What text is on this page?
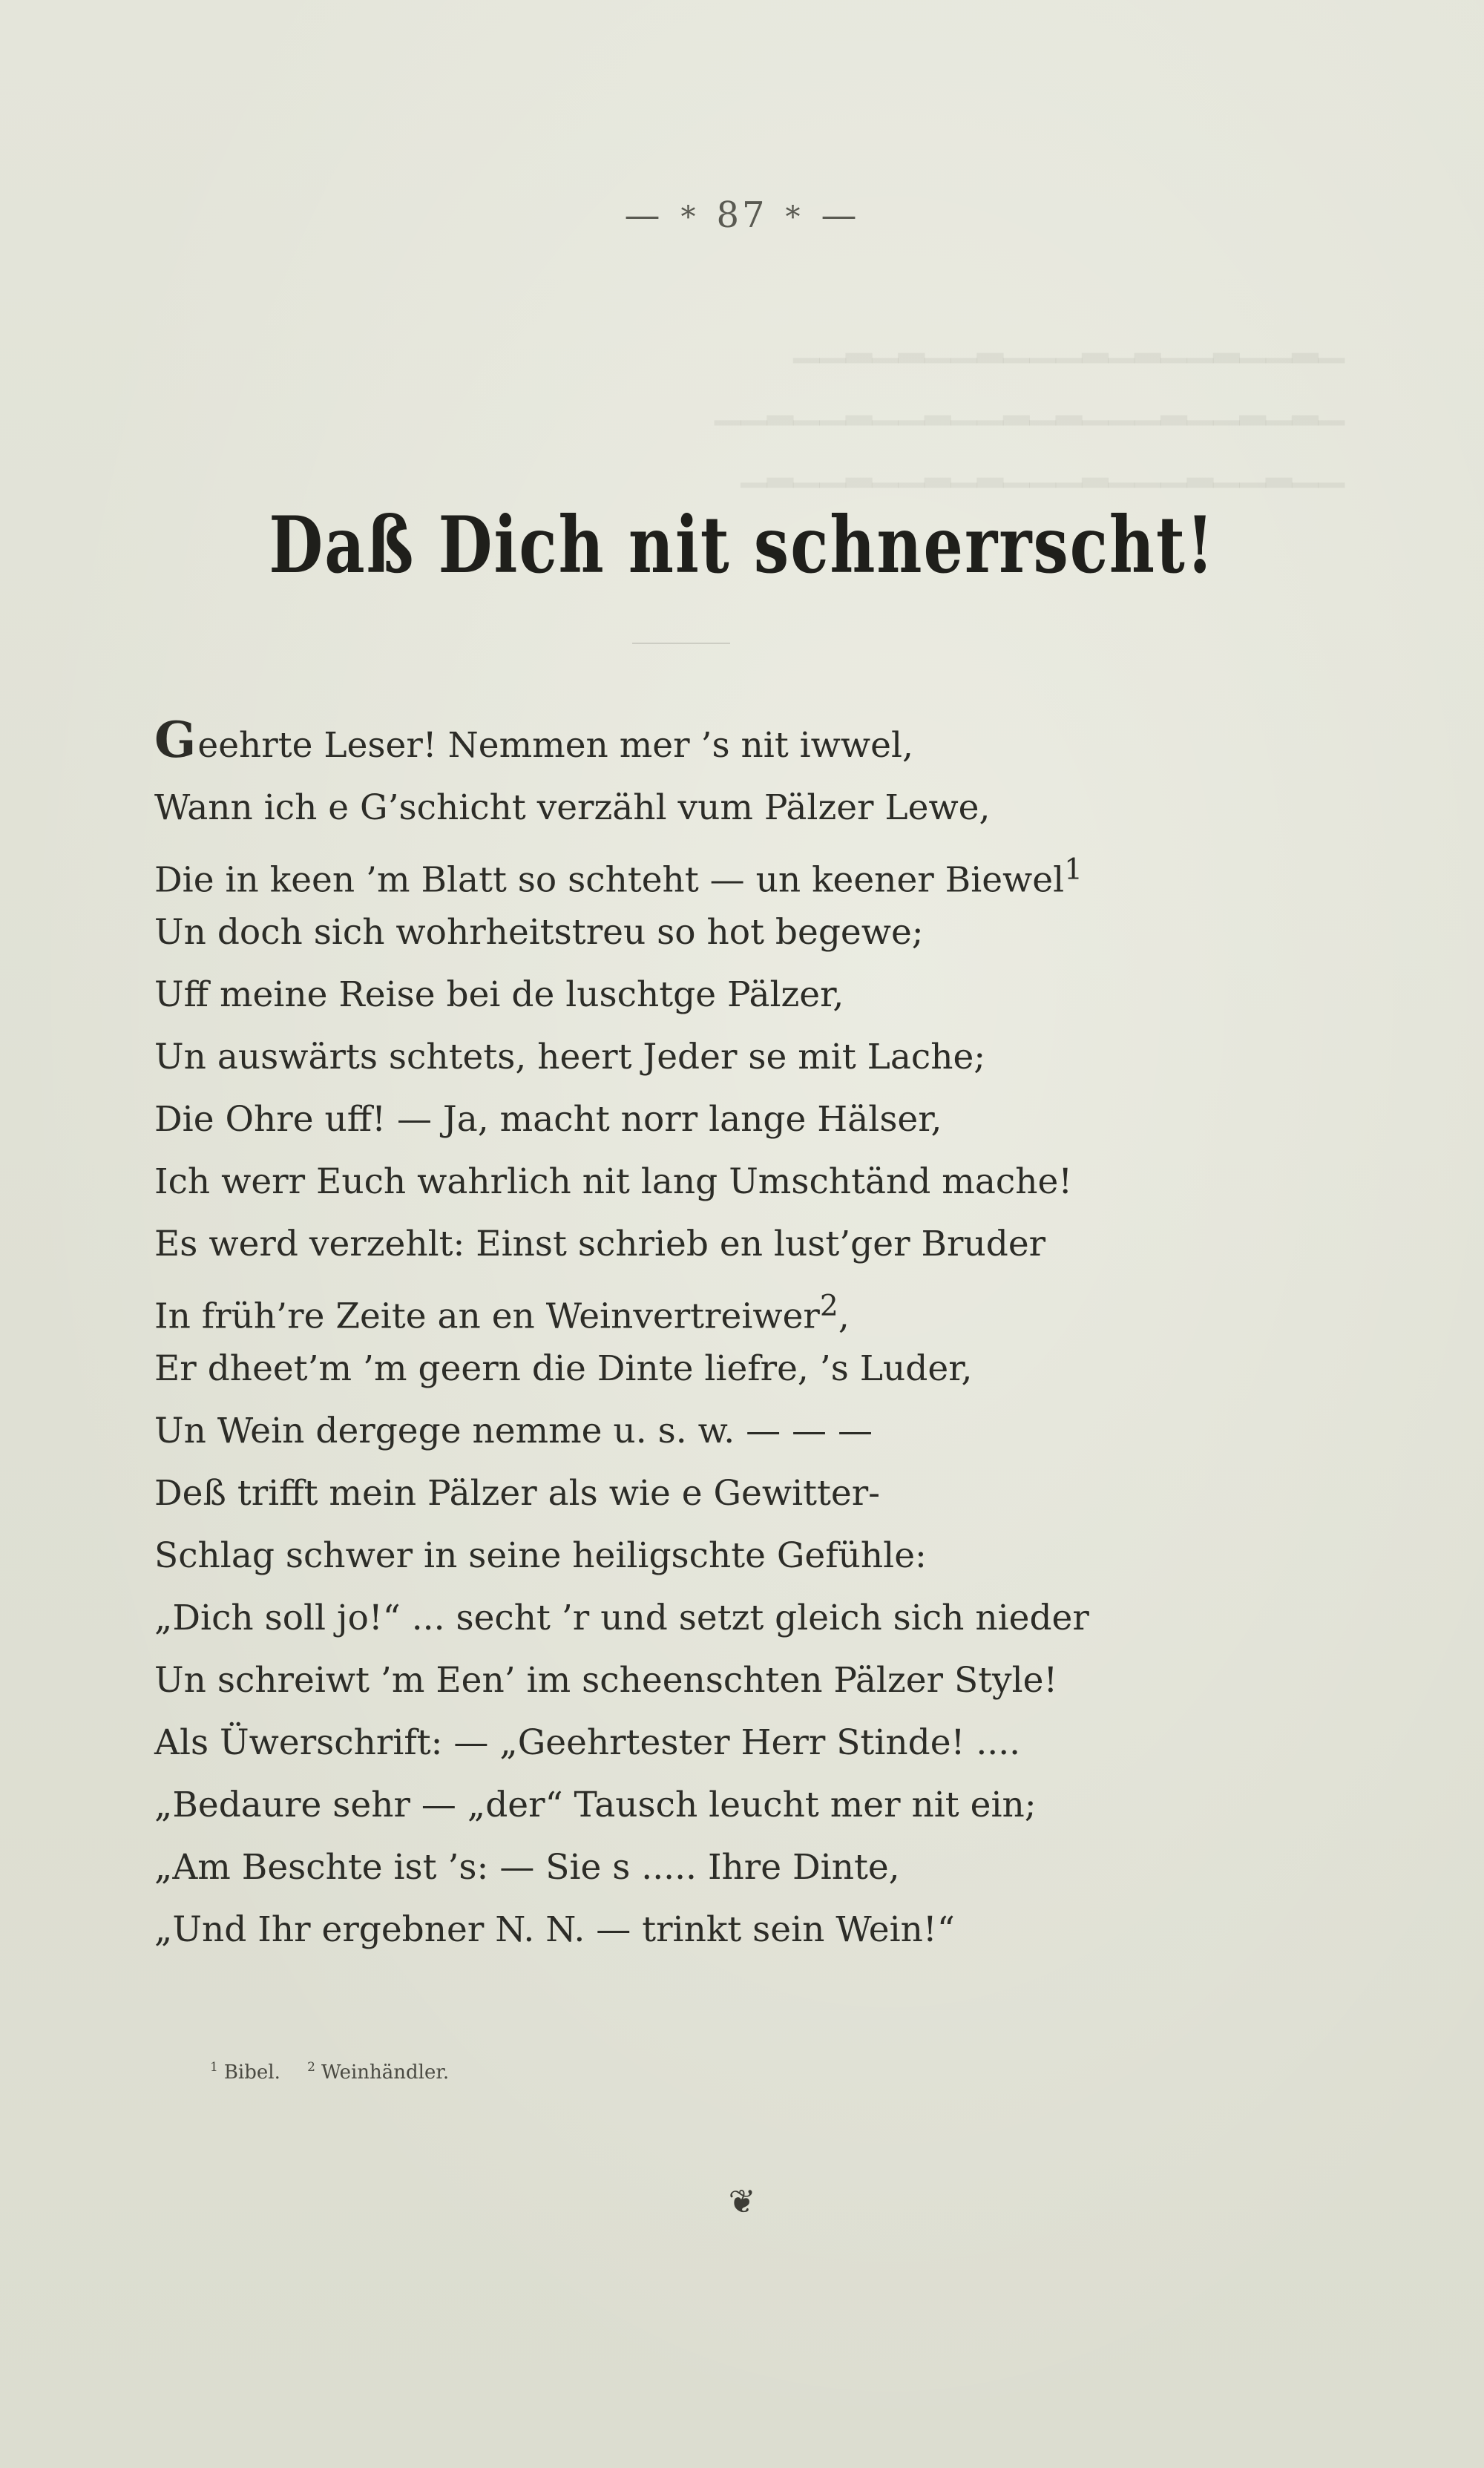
▁▂▁▁▂▁▁▂▁▂▁▁▁▂▁▁▂▁▂▁▁
▁▂▁▂▁▁▂▁▁▁▂▁▂▁▁▂▁▁▂▁▁▂▁▁
▁▁▂▁▁▂▁▁▁▂▁▁▁▂▁▂▁▁▂▁▁▂▁
— * 87 * —
Daß Dich nit schnerrscht!
Geehrte Leser! Nemmen mer ’s nit iwwel,
Wann ich e G’schicht verzähl vum Pälzer Lewe,
Die in keen ’m Blatt so schteht — un keener Biewel$^1$
Un doch sich wohrheitstreu so hot begewe;
Uff meine Reise bei de luschtge Pälzer,
Un auswärts schtets, heert Jeder se mit Lache;
Die Ohre uff! — Ja, macht norr lange Hälser,
Ich werr Euch wahrlich nit lang Umschtänd mache!
Es werd verzehlt: Einst schrieb en lust’ger Bruder
In früh’re Zeite an en Weinvertreiwer$^2$,
Er dheet’m ’m geern die Dinte liefre, ’s Luder,
Un Wein dergege nemme u. s. w. — — —
Deß trifft mein Pälzer als wie e Gewitter-
Schlag schwer in seine heiligschte Gefühle:
„Dich soll jo!“ ... secht ’r und setzt gleich sich nieder
Un schreiwt ’m Een’ im scheenschten Pälzer Style!
Als Üwerschrift: — „Geehrtester Herr Stinde! ....
„Bedaure sehr — „der“ Tausch leucht mer nit ein;
„Am Beschte ist ’s: — Sie s ..... Ihre Dinte,
„Und Ihr ergebner N. N. — trinkt sein Wein!“
$^1$ Bibel. $^2$ Weinhändler.
❦
